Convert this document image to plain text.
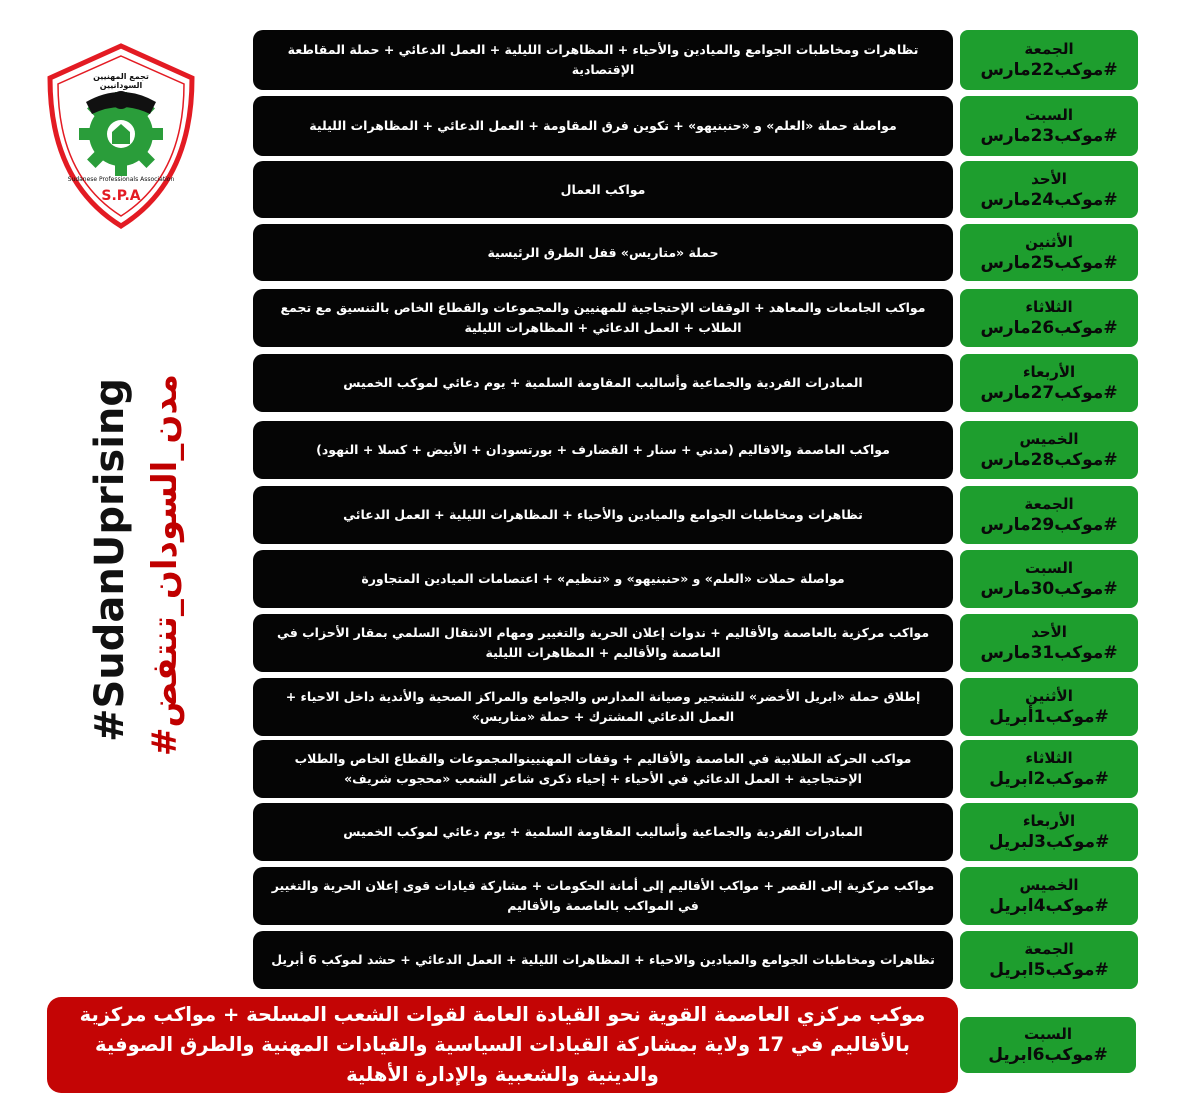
تجمع المهنيين السودانيين
Sudanese Professionals Association
S.P.A
#SudanUprising #مدن_السودان_تنتفض
تظاهرات ومخاطبات الجوامع والميادين والأحياء + المظاهرات الليلية + العمل الدعائي + حملة المقاطعة الإقتصادية
الجمعة
#موكب22مارس
مواصلة حملة «العلم» و «حنبنيهو» + تكوين فرق المقاومة + العمل الدعائي + المظاهرات الليلية
السبت
#موكب23مارس
مواكب العمال
الأحد
#موكب24مارس
حملة «متاريس» قفل الطرق الرئيسية
الأثنين
#موكب25مارس
مواكب الجامعات والمعاهد + الوقفات الإحتجاجية للمهنيين والمجموعات والقطاع الخاص بالتنسيق مع تجمع الطلاب + العمل الدعائي + المظاهرات الليلية
الثلاثاء
#موكب26مارس
المبادرات الفردية والجماعية وأساليب المقاومة السلمية + يوم دعائي لموكب الخميس
الأربعاء
#موكب27مارس
مواكب العاصمة والاقاليم (مدني + سنار + القضارف + بورتسودان + الأبيض + كسلا + النهود)
الخميس
#موكب28مارس
تظاهرات ومخاطبات الجوامع والميادين والأحياء + المظاهرات الليلية + العمل الدعائي
الجمعة
#موكب29مارس
مواصلة حملات «العلم» و «حنبنيهو» و «تنظيم» + اعتصامات الميادين المتجاورة
السبت
#موكب30مارس
مواكب مركزية بالعاصمة والأقاليم + ندوات إعلان الحرية والتغيير ومهام الانتقال السلمي بمقار الأحزاب في العاصمة والأقاليم + المظاهرات الليلية
الأحد
#موكب31مارس
إطلاق حملة «ابريل الأخضر» للتشجير وصيانة المدارس والجوامع والمراكز الصحية والأندية داخل الاحياء + العمل الدعائي المشترك + حملة «متاريس»
الأثنين
#موكب1أبريل
مواكب الحركة الطلابية في العاصمة والأقاليم + وقفات المهنيينوالمجموعات والقطاع الخاص والطلاب الإحتجاجية + العمل الدعائي في الأحياء + إحياء ذكرى شاعر الشعب «محجوب شريف»
الثلاثاء
#موكب2ابريل
المبادرات الفردية والجماعية وأساليب المقاومة السلمية + يوم دعائي لموكب الخميس
الأربعاء
#موكب3لبريل
مواكب مركزية إلى القصر + مواكب الأقاليم إلى أمانة الحكومات + مشاركة قيادات قوى إعلان الحرية والتغيير في المواكب بالعاصمة والأقاليم
الخميس
#موكب4ابريل
تظاهرات ومخاطبات الجوامع والميادين والاحياء + المظاهرات الليلية + العمل الدعائي + حشد لموكب 6 أبريل
الجمعة
#موكب5ابريل
موكب مركزي العاصمة القوية نحو القيادة العامة لقوات الشعب المسلحة + مواكب مركزية بالأقاليم في 17 ولاية بمشاركة القيادات السياسية والقيادات المهنية والطرق الصوفية والدينية والشعبية والإدارة الأهلية
السبت
#موكب6ابريل
